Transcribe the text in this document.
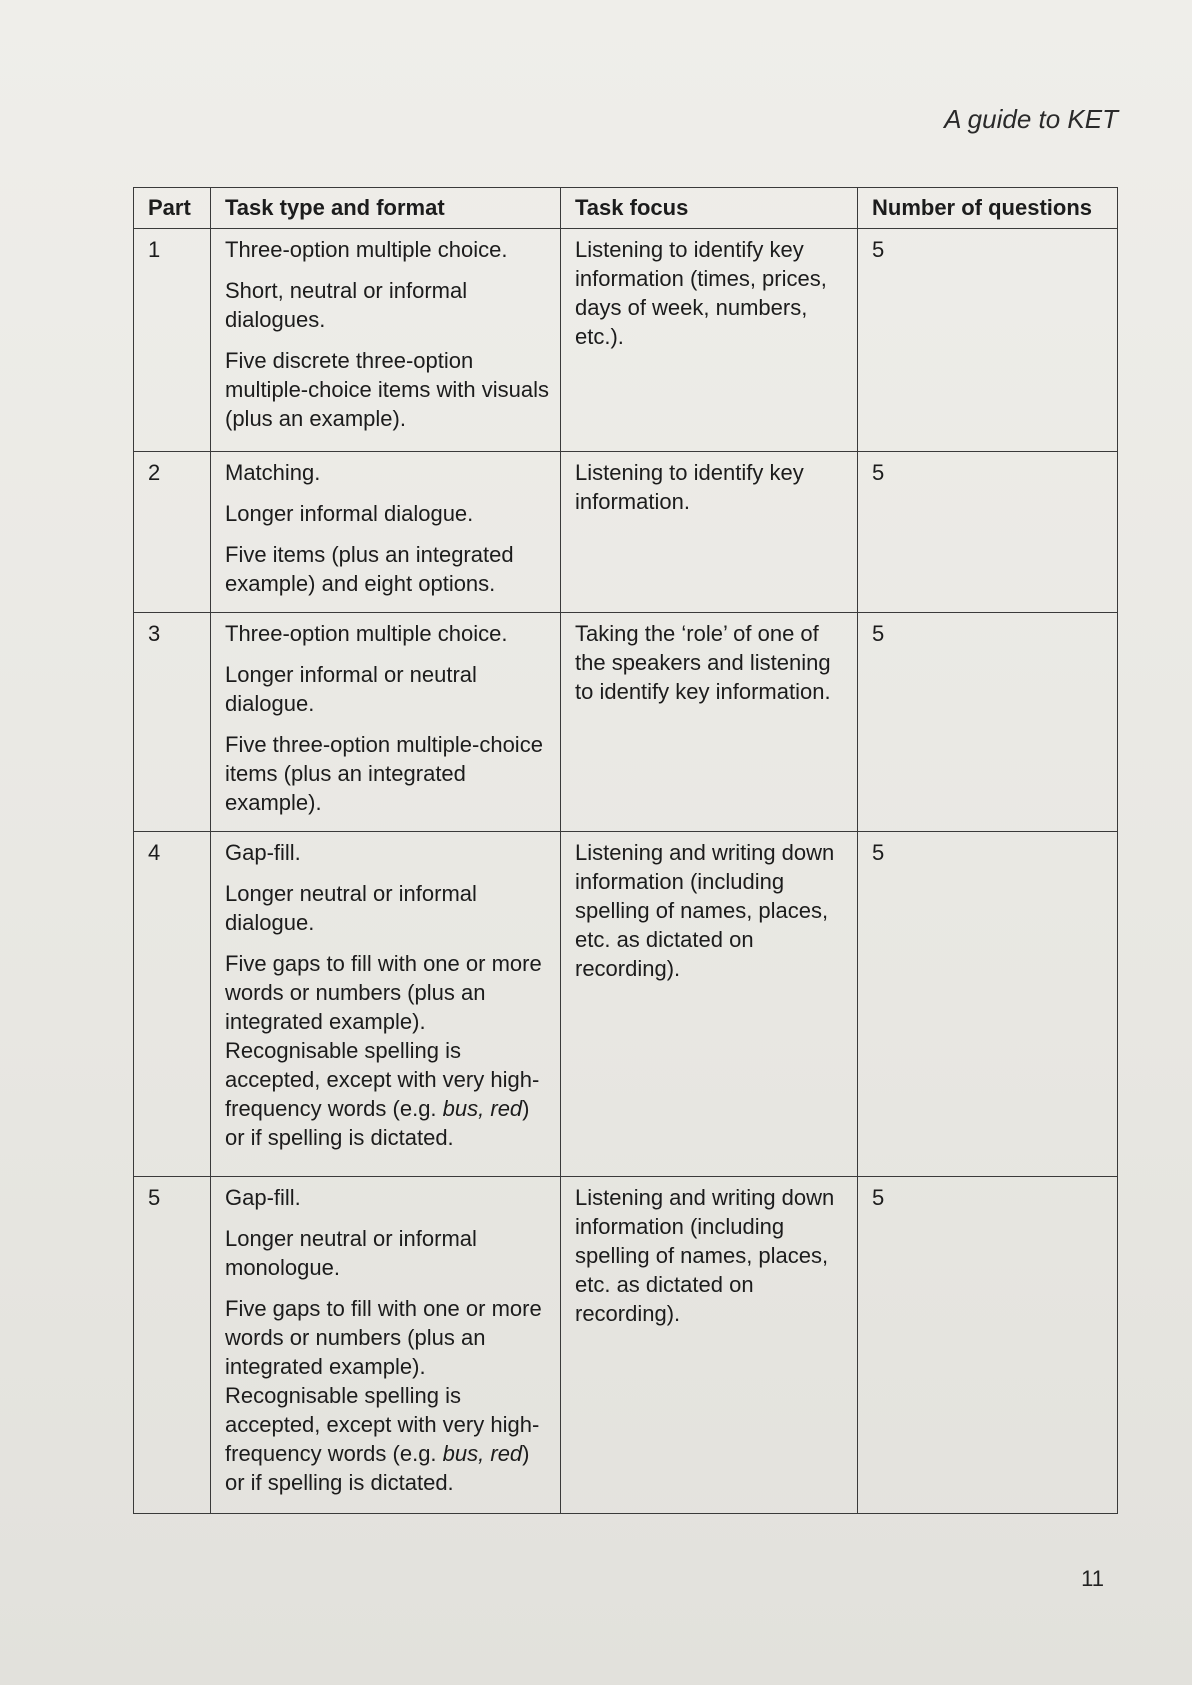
A guide to KET
Part	Task type and format	Task focus	Number of questions
1	Three-option multiple choice.

Short, neutral or informal dialogues.

Five discrete three-option multiple-choice items with visuals (plus an example).	Listening to identify key information (times, prices, days of week, numbers, etc.).	5
2	Matching.

Longer informal dialogue.

Five items (plus an integrated example) and eight options.	Listening to identify key information.	5
3	Three-option multiple choice.

Longer informal or neutral dialogue.

Five three-option multiple-choice items (plus an integrated example).	Taking the ‘role’ of one of the speakers and listening to identify key information.	5
4	Gap-fill.

Longer neutral or informal dialogue.

Five gaps to fill with one or more words or numbers (plus an integrated example). Recognisable spelling is accepted, except with very high-frequency words (e.g. bus, red) or if spelling is dictated.	Listening and writing down information (including spelling of names, places, etc. as dictated on recording).	5
5	Gap-fill.

Longer neutral or informal monologue.

Five gaps to fill with one or more words or numbers (plus an integrated example). Recognisable spelling is accepted, except with very high-frequency words (e.g. bus, red) or if spelling is dictated.	Listening and writing down information (including spelling of names, places, etc. as dictated on recording).	5
11
